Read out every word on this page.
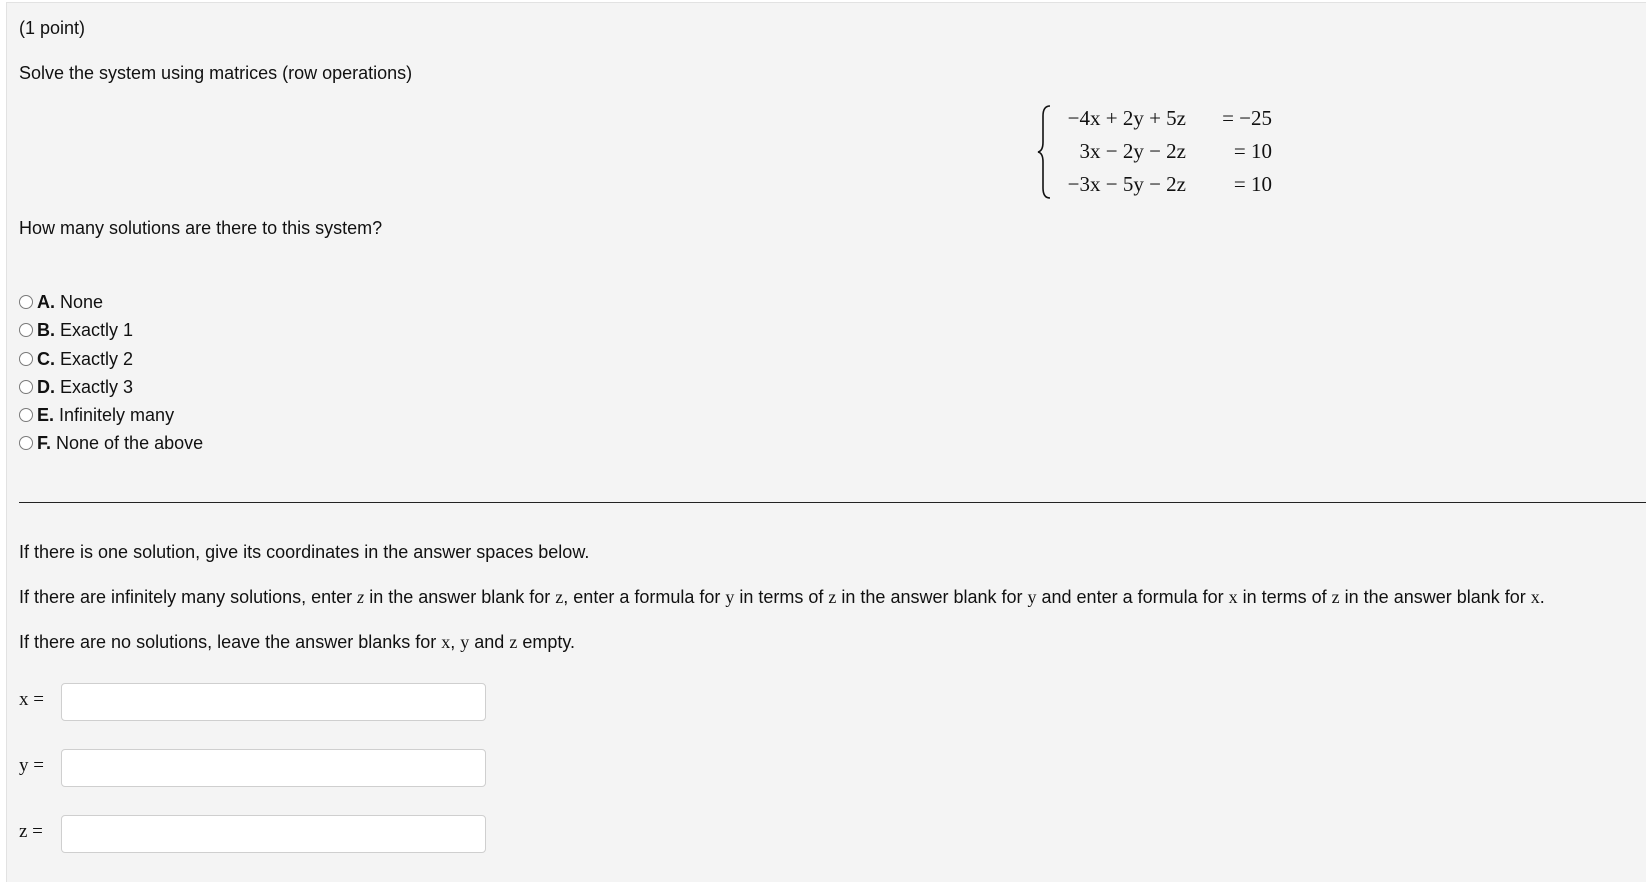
(1 point)
Solve the system using matrices (row operations)
−4x + 2y + 5z = −25
3x − 2y − 2z = 10
−3x − 5y − 2z = 10
How many solutions are there to this system?
A. None
B. Exactly 1
C. Exactly 2
D. Exactly 3
E. Infinitely many
F. None of the above
If there is one solution, give its coordinates in the answer spaces below.
If there are infinitely many solutions, enter z in the answer blank for z, enter a formula for y in terms of z in the answer blank for y and enter a formula for x in terms of z in the answer blank for x.
If there are no solutions, leave the answer blanks for x, y and z empty.
x =
y =
z =
